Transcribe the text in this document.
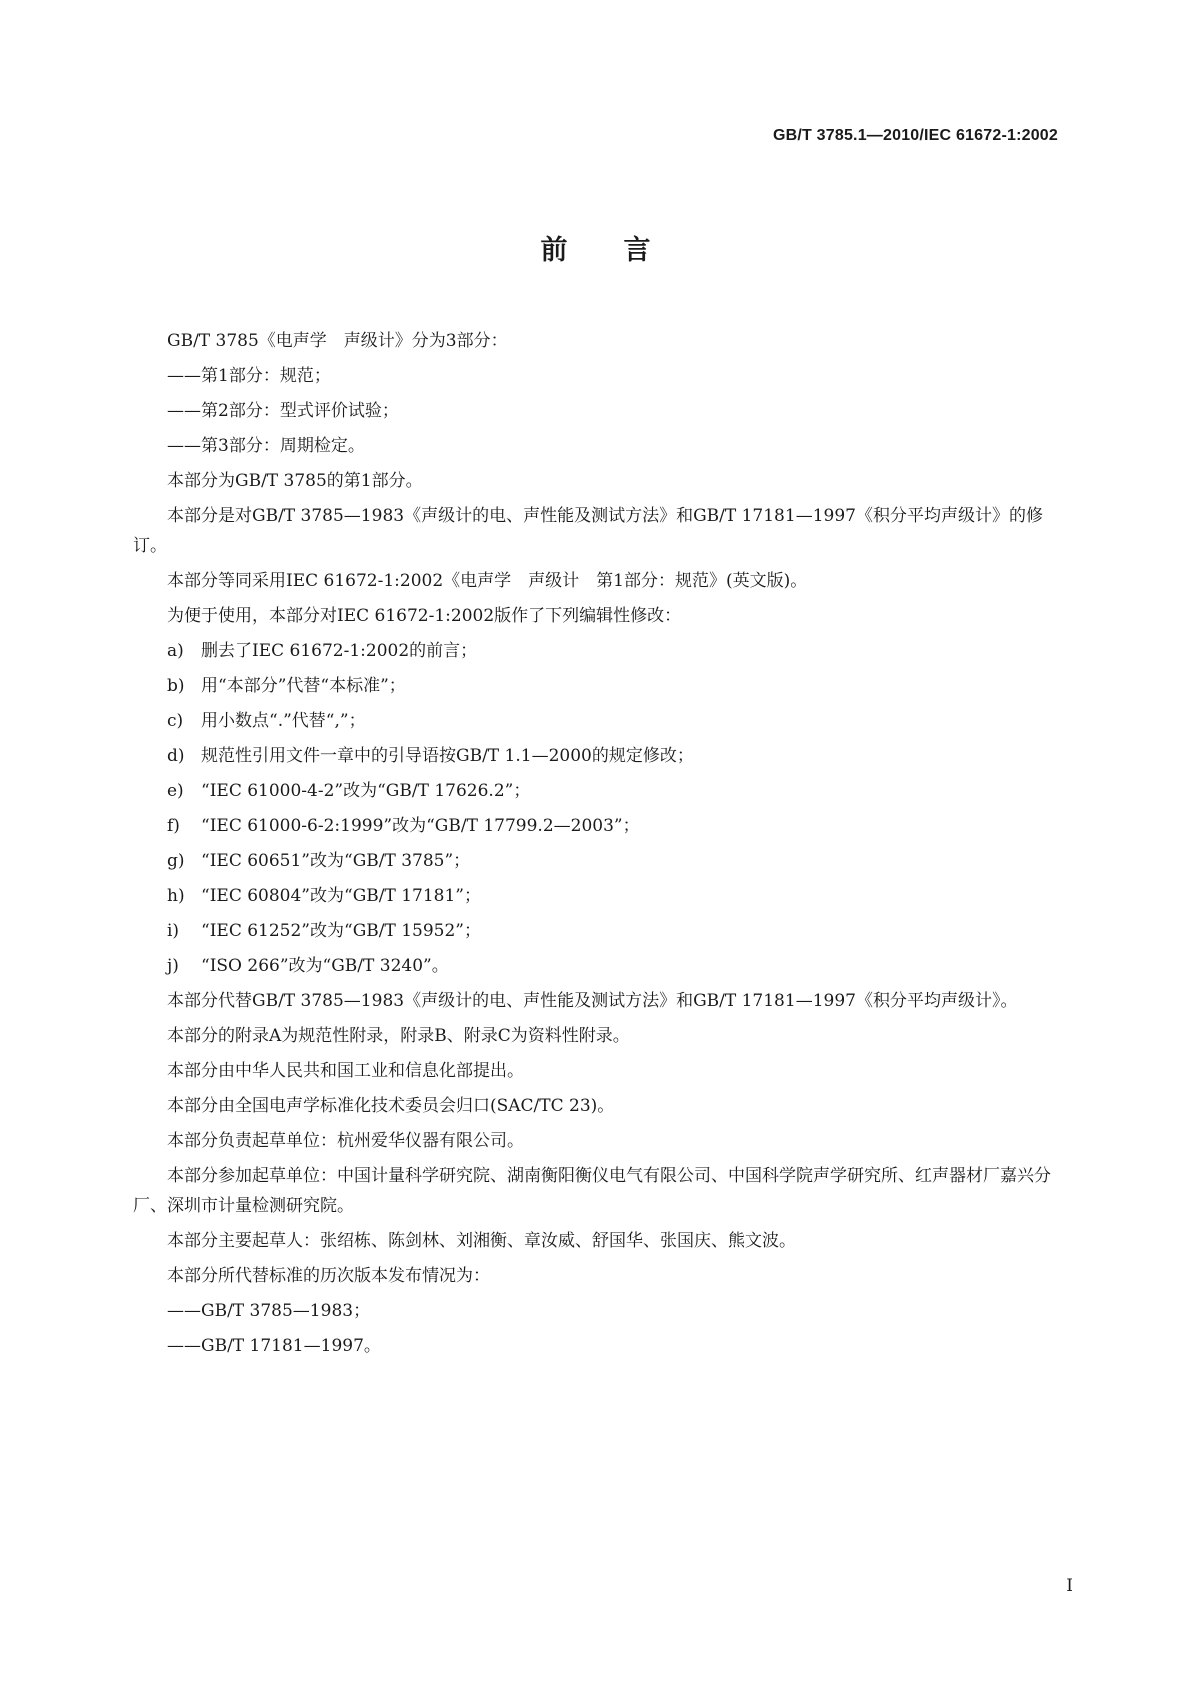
GB/T 3785.1—2010/IEC 61672-1:2002
前言
GB/T 3785《电声学　声级计》分为3部分：
——第1部分：规范；
——第2部分：型式评价试验；
——第3部分：周期检定。
本部分为GB/T 3785的第1部分。
本部分是对GB/T 3785—1983《声级计的电、声性能及测试方法》和GB/T 17181—1997《积分平均声级计》的修订。
本部分等同采用IEC 61672-1:2002《电声学　声级计　第1部分：规范》(英文版)。
为便于使用，本部分对IEC 61672-1:2002版作了下列编辑性修改：
a) 删去了IEC 61672-1:2002的前言；
b) 用“本部分”代替“本标准”；
c) 用小数点“.”代替“,”；
d) 规范性引用文件一章中的引导语按GB/T 1.1—2000的规定修改；
e) “IEC 61000-4-2”改为“GB/T 17626.2”；
f) “IEC 61000-6-2:1999”改为“GB/T 17799.2—2003”；
g) “IEC 60651”改为“GB/T 3785”；
h) “IEC 60804”改为“GB/T 17181”；
i) “IEC 61252”改为“GB/T 15952”；
j) “ISO 266”改为“GB/T 3240”。
本部分代替GB/T 3785—1983《声级计的电、声性能及测试方法》和GB/T 17181—1997《积分平均声级计》。
本部分的附录A为规范性附录，附录B、附录C为资料性附录。
本部分由中华人民共和国工业和信息化部提出。
本部分由全国电声学标准化技术委员会归口(SAC/TC 23)。
本部分负责起草单位：杭州爱华仪器有限公司。
本部分参加起草单位：中国计量科学研究院、湖南衡阳衡仪电气有限公司、中国科学院声学研究所、红声器材厂嘉兴分厂、深圳市计量检测研究院。
本部分主要起草人：张绍栋、陈剑林、刘湘衡、章汝威、舒国华、张国庆、熊文波。
本部分所代替标准的历次版本发布情况为：
——GB/T 3785—1983；
——GB/T 17181—1997。
I
